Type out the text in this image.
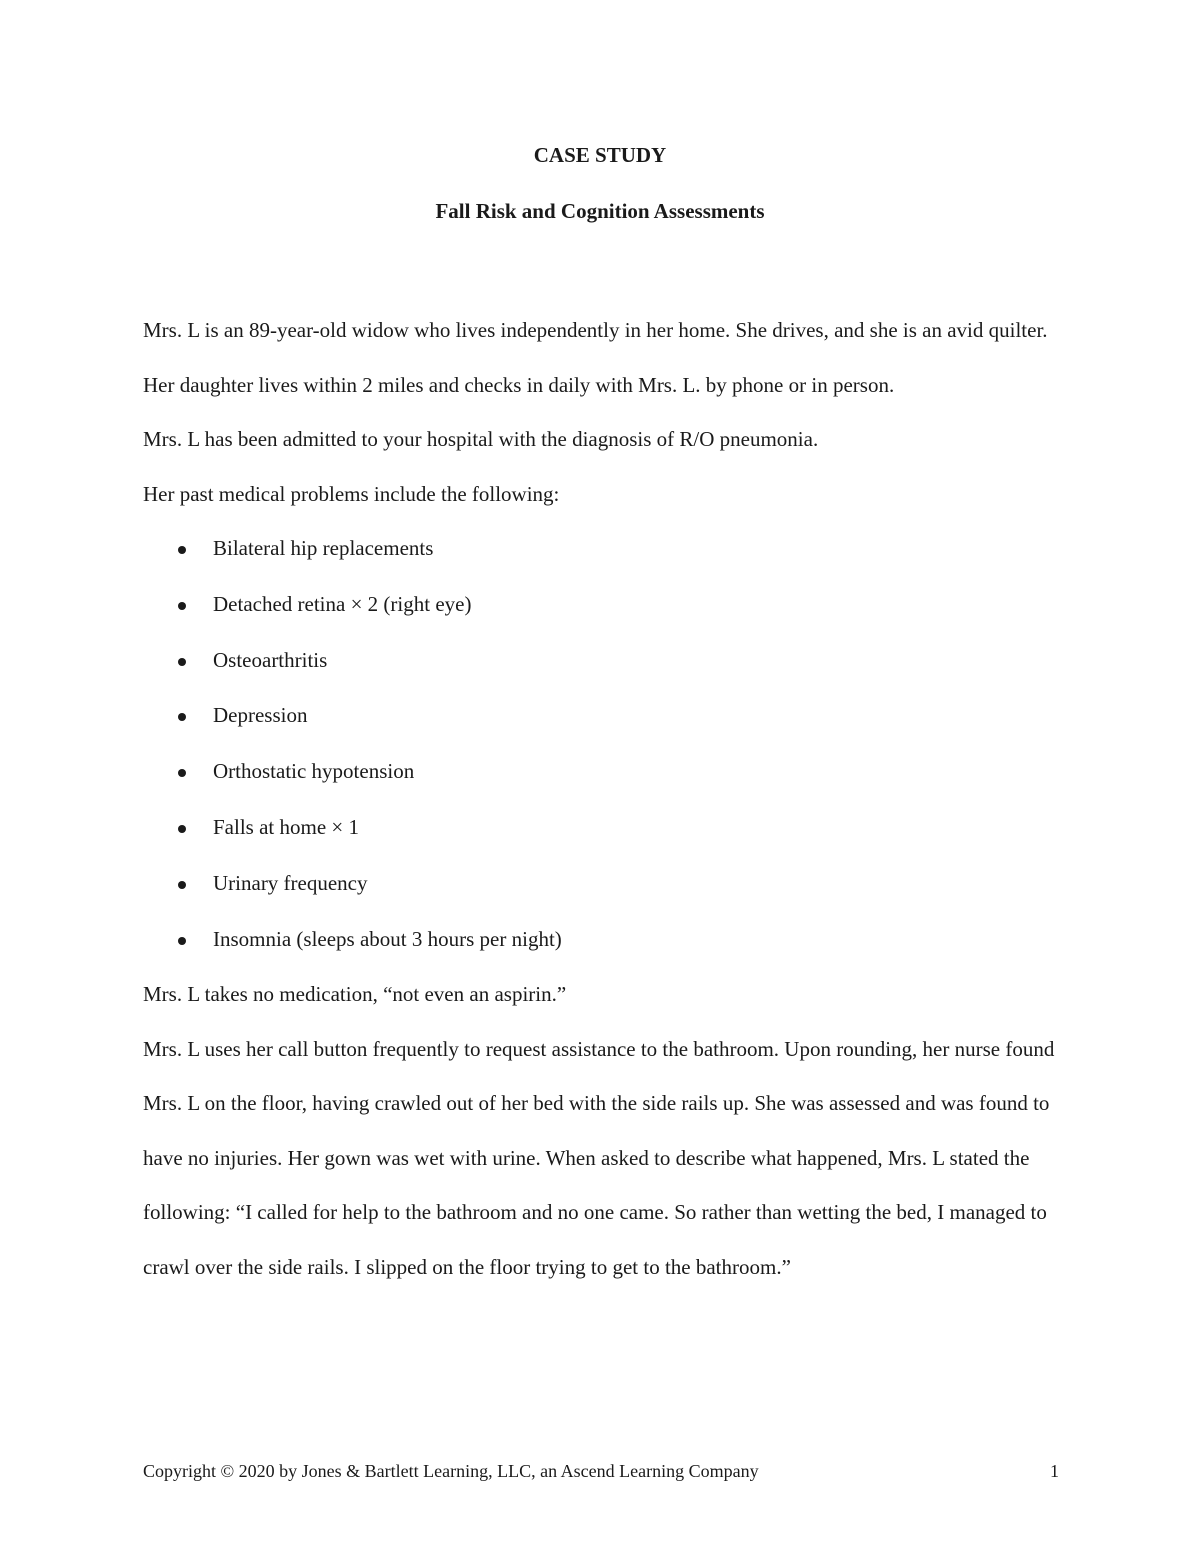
CASE STUDY
Fall Risk and Cognition Assessments

Mrs. L is an 89-year-old widow who lives independently in her home. She drives, and she is an avid quilter. Her daughter lives within 2 miles and checks in daily with Mrs. L. by phone or in person.

Mrs. L has been admitted to your hospital with the diagnosis of R/O pneumonia.

Her past medical problems include the following:

Bilateral hip replacements
Detached retina × 2 (right eye)
Osteoarthritis
Depression
Orthostatic hypotension
Falls at home × 1
Urinary frequency
Insomnia (sleeps about 3 hours per night)

Mrs. L takes no medication, “not even an aspirin.”

Mrs. L uses her call button frequently to request assistance to the bathroom. Upon rounding, her nurse found Mrs. L on the floor, having crawled out of her bed with the side rails up. She was assessed and was found to have no injuries. Her gown was wet with urine. When asked to describe what happened, Mrs. L stated the following: “I called for help to the bathroom and no one came. So rather than wetting the bed, I managed to crawl over the side rails. I slipped on the floor trying to get to the bathroom.”

Copyright © 2020 by Jones & Bartlett Learning, LLC, an Ascend Learning Company	1
